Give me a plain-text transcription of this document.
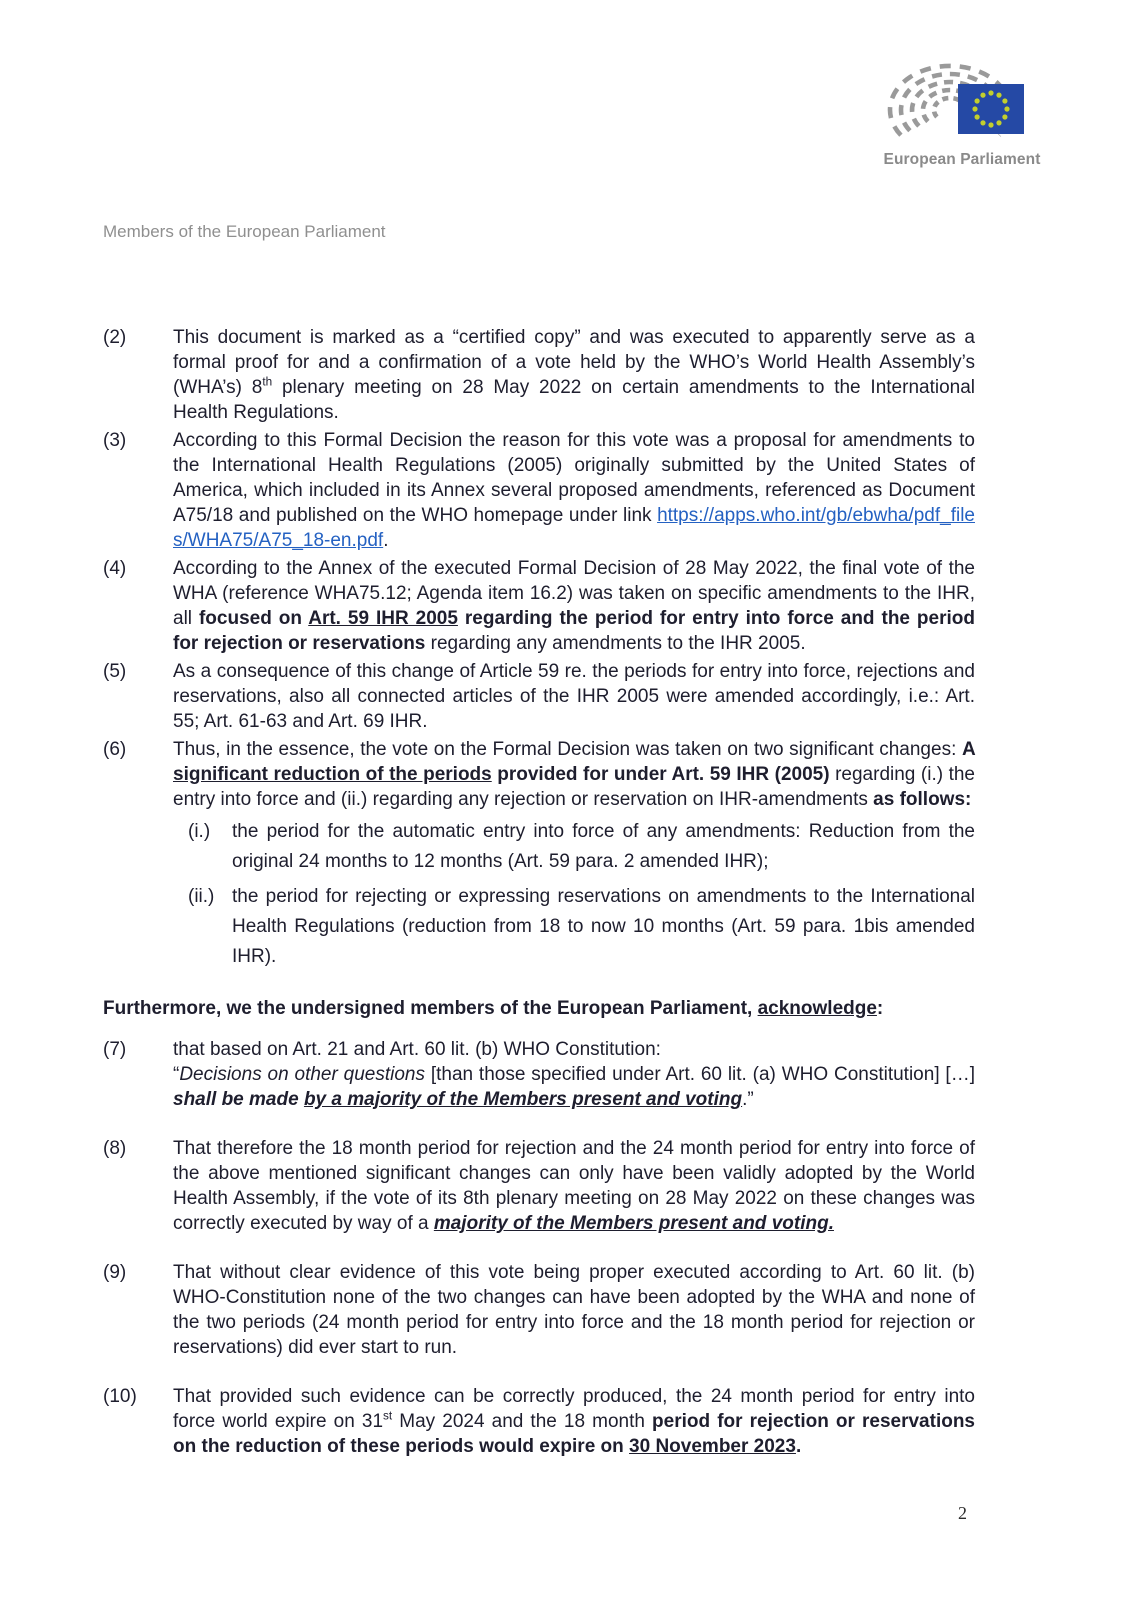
European Parliament
Members of the European Parliament
(2)	This document is marked as a “certified copy” and was executed to apparently serve as a formal proof for and a confirmation of a vote held by the WHO’s World Health Assembly’s (WHA’s) 8th plenary meeting on 28 May 2022 on certain amendments to the International Health Regulations.
(3)	According to this Formal Decision the reason for this vote was a proposal for amendments to the International Health Regulations (2005) originally submitted by the United States of America, which included in its Annex several proposed amendments, referenced as Document A75/18 and published on the WHO homepage under link https://apps.who.int/gb/ebwha/pdf_files/WHA75/A75_18-en.pdf.
(4)	According to the Annex of the executed Formal Decision of 28 May 2022, the final vote of the WHA (reference WHA75.12; Agenda item 16.2) was taken on specific amendments to the IHR, all focused on Art. 59 IHR 2005 regarding the period for entry into force and the period for rejection or reservations regarding any amendments to the IHR 2005.
(5)	As a consequence of this change of Article 59 re. the periods for entry into force, rejections and reservations, also all connected articles of the IHR 2005 were amended accordingly, i.e.: Art. 55; Art. 61-63 and Art. 69 IHR.
(6)	Thus, in the essence, the vote on the Formal Decision was taken on two significant changes: A significant reduction of the periods provided for under Art. 59 IHR (2005) regarding (i.) the entry into force and (ii.) regarding any rejection or reservation on IHR-amendments as follows:
(i.)	the period for the automatic entry into force of any amendments: Reduction from the original 24 months to 12 months (Art. 59 para. 2 amended IHR);
(ii.) the period for rejecting or expressing reservations on amendments to the International Health Regulations (reduction from 18 to now 10 months (Art. 59 para. 1bis amended IHR).
Furthermore, we the undersigned members of the European Parliament, acknowledge:
(7)	that based on Art. 21 and Art. 60 lit. (b) WHO Constitution:
“Decisions on other questions [than those specified under Art. 60 lit. (a) WHO Constitution] […] shall be made by a majority of the Members present and voting.”
(8)	That therefore the 18 month period for rejection and the 24 month period for entry into force of the above mentioned significant changes can only have been validly adopted by the World Health Assembly, if the vote of its 8th plenary meeting on 28 May 2022 on these changes was correctly executed by way of a majority of the Members present and voting.
(9)	That without clear evidence of this vote being proper executed according to Art. 60 lit. (b) WHO-Constitution none of the two changes can have been adopted by the WHA and none of the two periods (24 month period for entry into force and the 18 month period for rejection or reservations) did ever start to run.
(10)	That provided such evidence can be correctly produced, the 24 month period for entry into force world expire on 31st May 2024 and the 18 month period for rejection or reservations on the reduction of these periods would expire on 30 November 2023.
2
